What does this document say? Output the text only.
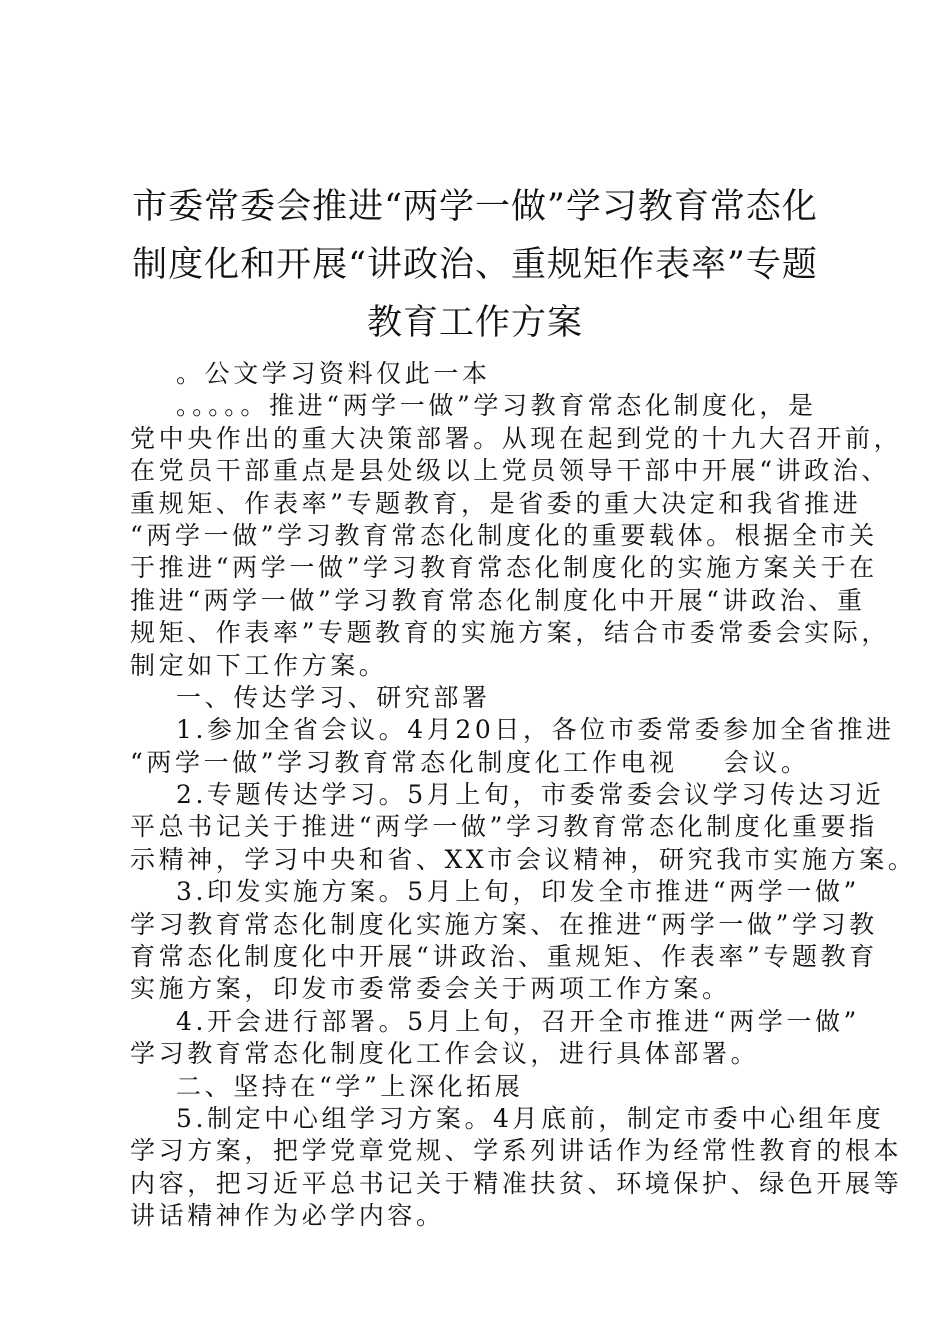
市委常委会推进“两学一做”学习教育常态化
制度化和开展“讲政治、重规矩作表率”专题
教育工作方案
。公文学习资料仅此一本
。。。。。推进“两学一做”学习教育常态化制度化，是
党中央作出的重大决策部署。从现在起到党的十九大召开前，
在党员干部重点是县处级以上党员领导干部中开展“讲政治、
重规矩、作表率”专题教育，是省委的重大决定和我省推进
“两学一做”学习教育常态化制度化的重要载体。根据全市关
于推进“两学一做”学习教育常态化制度化的实施方案关于在
推进“两学一做”学习教育常态化制度化中开展“讲政治、重
规矩、作表率”专题教育的实施方案，结合市委常委会实际，
制定如下工作方案。
一、传达学习、研究部署
1.参加全省会议。4月20日，各位市委常委参加全省推进
“两学一做”学习教育常态化制度化工作电视    会议。
2.专题传达学习。5月上旬，市委常委会议学习传达习近
平总书记关于推进“两学一做”学习教育常态化制度化重要指
示精神，学习中央和省、XX市会议精神，研究我市实施方案。
3.印发实施方案。5月上旬，印发全市推进“两学一做”
学习教育常态化制度化实施方案、在推进“两学一做”学习教
育常态化制度化中开展“讲政治、重规矩、作表率”专题教育
实施方案，印发市委常委会关于两项工作方案。
4.开会进行部署。5月上旬，召开全市推进“两学一做”
学习教育常态化制度化工作会议，进行具体部署。
二、坚持在“学”上深化拓展
5.制定中心组学习方案。4月底前，制定市委中心组年度
学习方案，把学党章党规、学系列讲话作为经常性教育的根本
内容，把习近平总书记关于精准扶贫、环境保护、绿色开展等
讲话精神作为必学内容。
